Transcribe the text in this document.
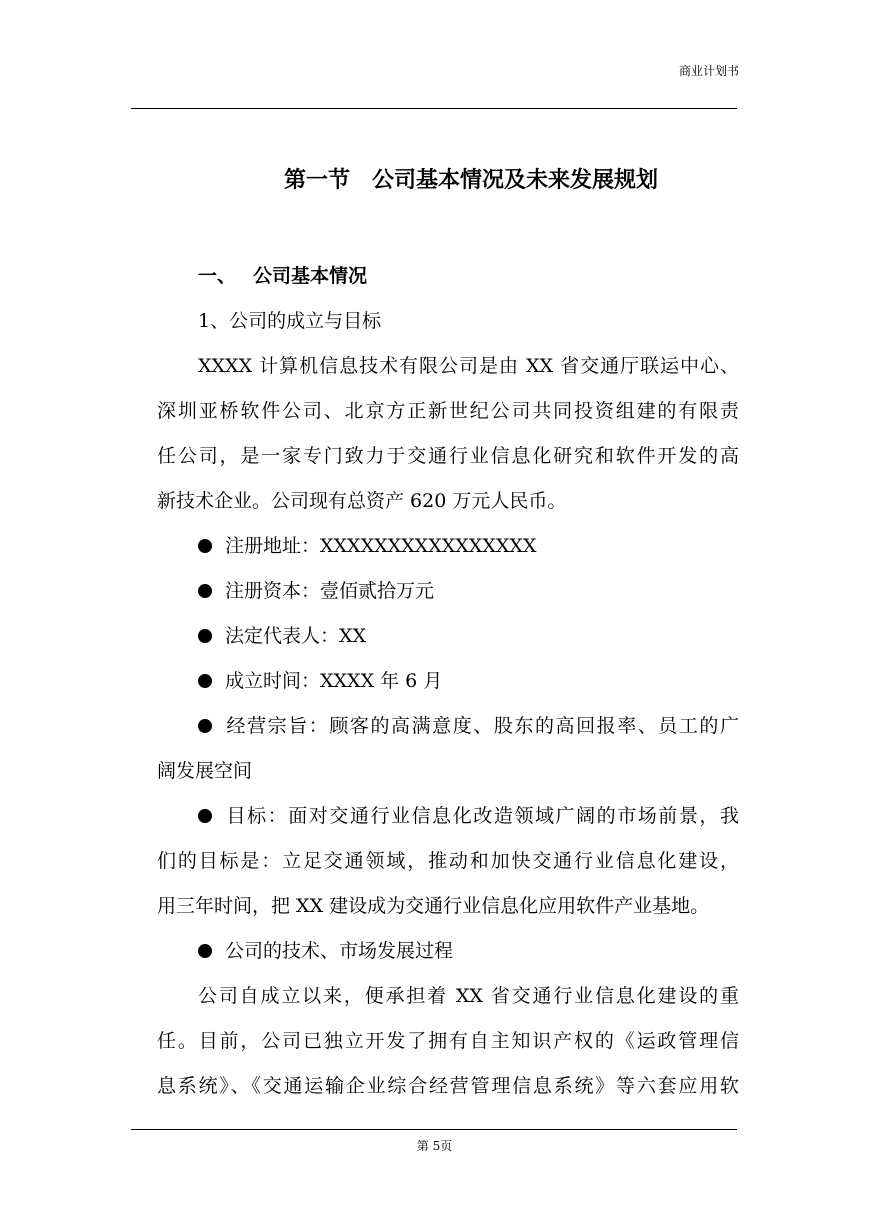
商业计划书
第一节　公司基本情况及未来发展规划
一、 公司基本情况
1、公司的成立与目标
XXXX 计算机信息技术有限公司是由 XX 省交通厅联运中心、
深圳亚桥软件公司、北京方正新世纪公司共同投资组建的有限责
任公司，是一家专门致力于交通行业信息化研究和软件开发的高
新技术企业。公司现有总资产 620 万元人民币。
注册地址：XXXXXXXXXXXXXXXX
注册资本：壹佰贰拾万元
法定代表人：XX
成立时间：XXXX 年 6 月
经营宗旨：顾客的高满意度、股东的高回报率、员工的广
阔发展空间
目标：面对交通行业信息化改造领域广阔的市场前景，我
们的目标是：立足交通领域，推动和加快交通行业信息化建设，
用三年时间，把 XX 建设成为交通行业信息化应用软件产业基地。
公司的技术、市场发展过程
公司自成立以来，便承担着 XX 省交通行业信息化建设的重
任。目前，公司已独立开发了拥有自主知识产权的《运政管理信
息系统》、《交通运输企业综合经营管理信息系统》等六套应用软
第 5页
